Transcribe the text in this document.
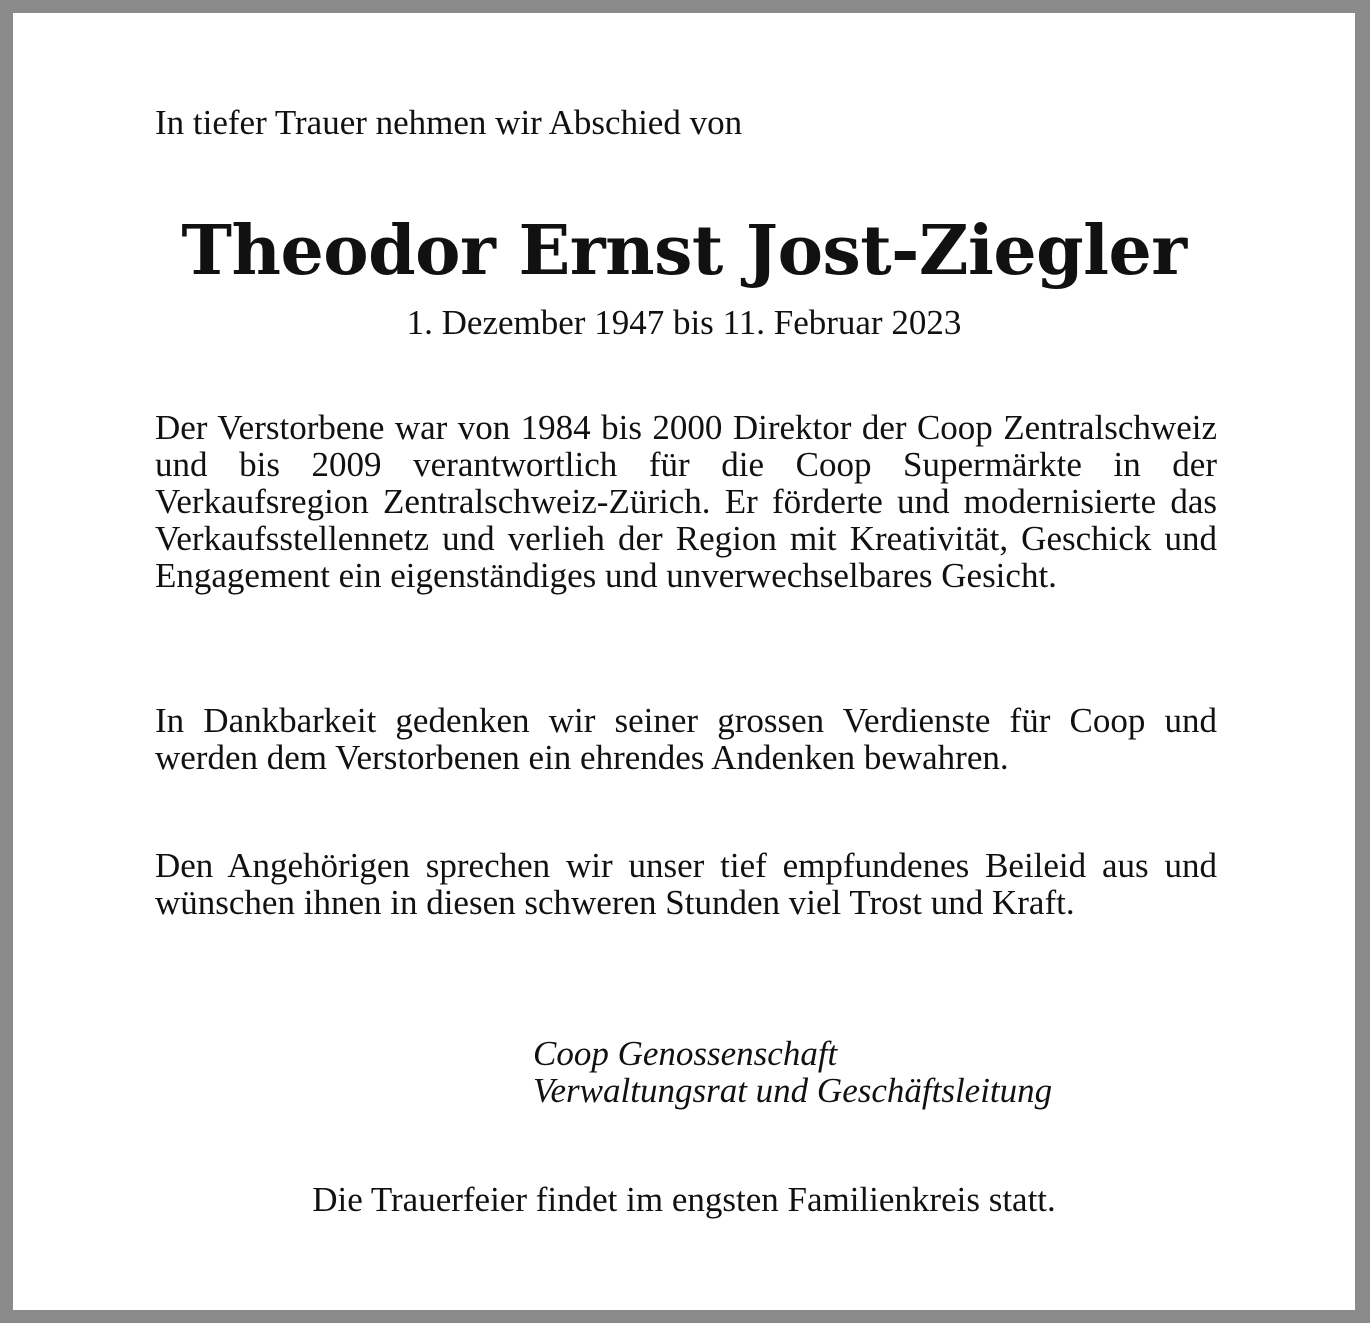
In tiefer Trauer nehmen wir Abschied von
Theodor Ernst Jost-Ziegler
1. Dezember 1947 bis 11. Februar 2023
Der Verstorbene war von 1984 bis 2000 Direktor der Coop Zentralschweiz und bis 2009 verantwortlich für die Coop Supermärkte in der Verkaufsregion Zentralschweiz-Zürich. Er förderte und modernisierte das Verkaufsstellennetz und verlieh der Region mit Kreativität, Geschick und Engagement ein eigenständiges und unverwechselbares Gesicht.
In Dankbarkeit gedenken wir seiner grossen Verdienste für Coop und werden dem Verstorbenen ein ehrendes Andenken bewahren.
Den Angehörigen sprechen wir unser tief empfundenes Beileid aus und wünschen ihnen in diesen schweren Stunden viel Trost und Kraft.
Coop Genossenschaft
Verwaltungsrat und Geschäftsleitung
Die Trauerfeier findet im engsten Familienkreis statt.
